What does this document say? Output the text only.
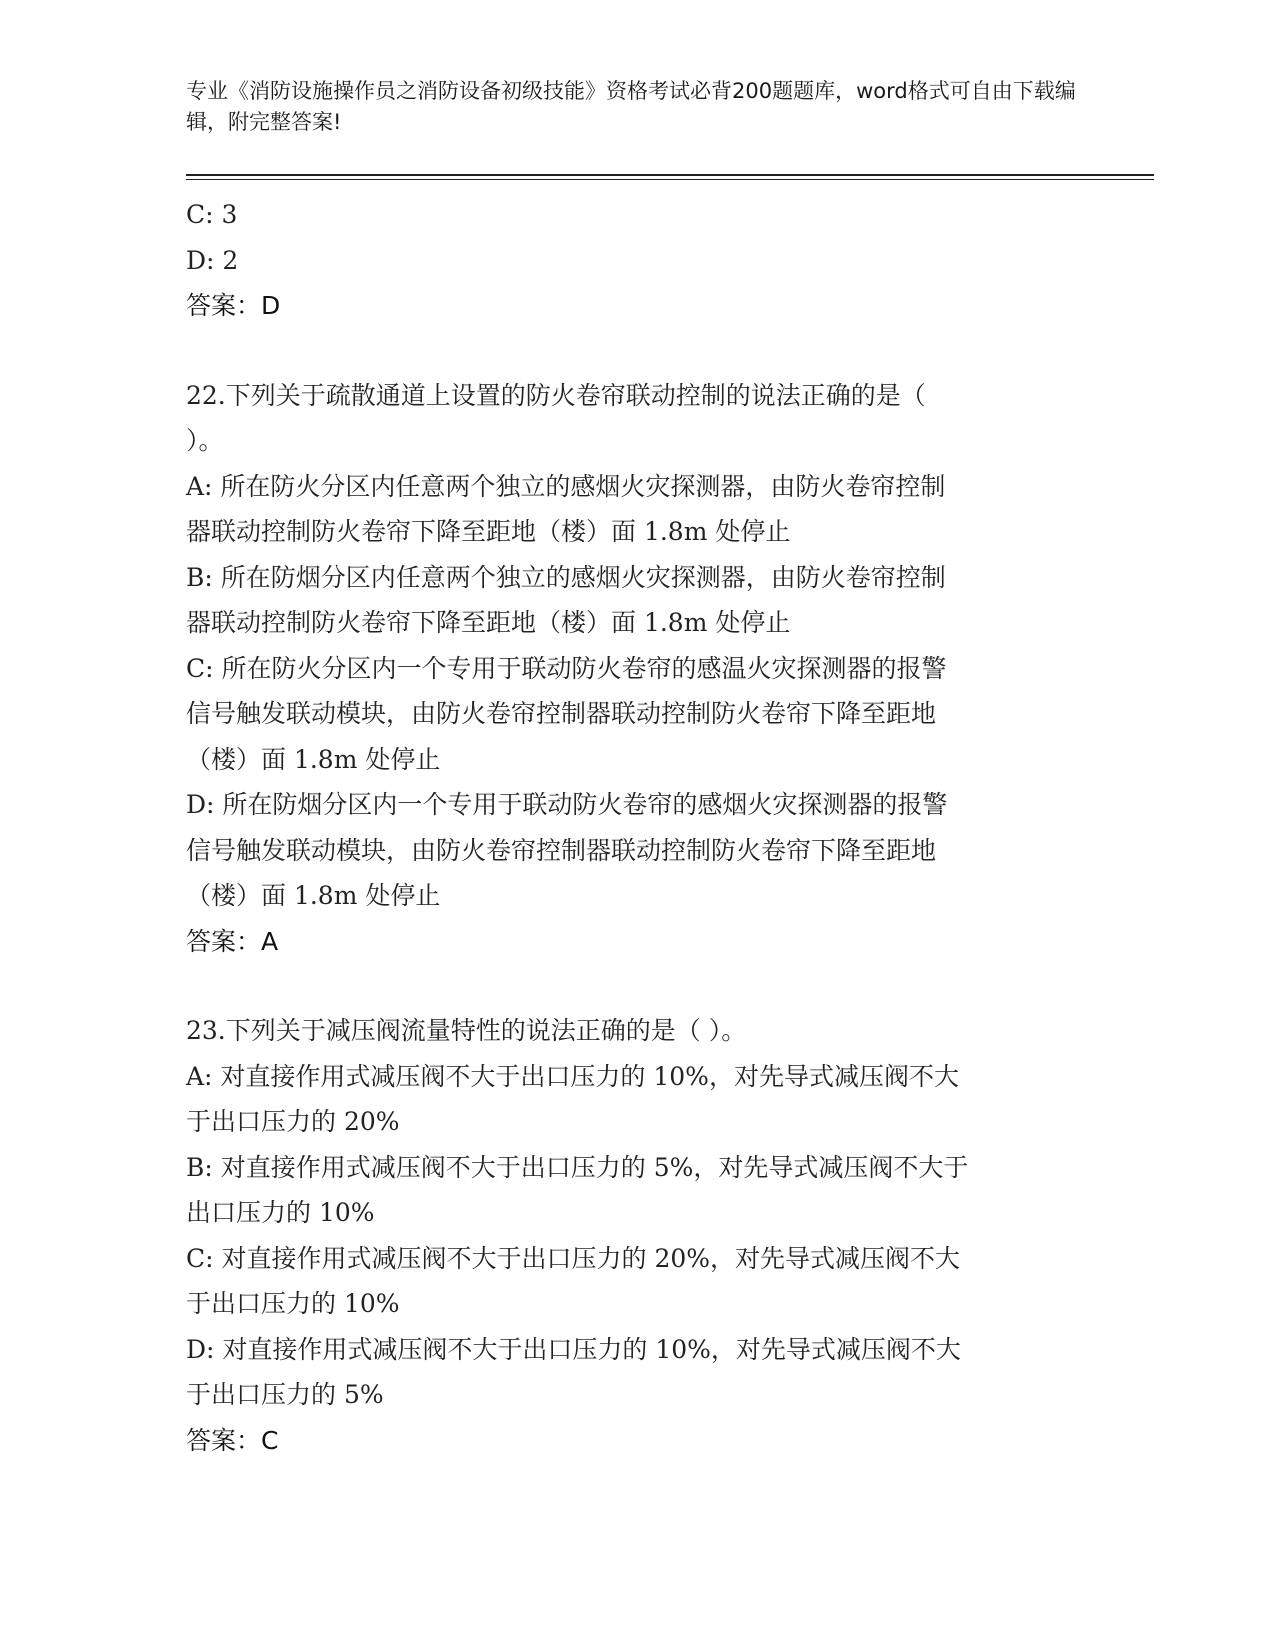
专业《消防设施操作员之消防设备初级技能》资格考试必背200题题库，word格式可自由下载编辑，附完整答案!
C: 3
D: 2
答案：D
22.下列关于疏散通道上设置的防火卷帘联动控制的说法正确的是（
）。
A: 所在防火分区内任意两个独立的感烟火灾探测器，由防火卷帘控制
器联动控制防火卷帘下降至距地（楼）面 1.8m 处停止
B: 所在防烟分区内任意两个独立的感烟火灾探测器，由防火卷帘控制
器联动控制防火卷帘下降至距地（楼）面 1.8m 处停止
C: 所在防火分区内一个专用于联动防火卷帘的感温火灾探测器的报警
信号触发联动模块，由防火卷帘控制器联动控制防火卷帘下降至距地
（楼）面 1.8m 处停止
D: 所在防烟分区内一个专用于联动防火卷帘的感烟火灾探测器的报警
信号触发联动模块，由防火卷帘控制器联动控制防火卷帘下降至距地
（楼）面 1.8m 处停止
答案：A
23.下列关于减压阀流量特性的说法正确的是（ ）。
A: 对直接作用式减压阀不大于出口压力的 10%，对先导式减压阀不大
于出口压力的 20%
B: 对直接作用式减压阀不大于出口压力的 5%，对先导式减压阀不大于
出口压力的 10%
C: 对直接作用式减压阀不大于出口压力的 20%，对先导式减压阀不大
于出口压力的 10%
D: 对直接作用式减压阀不大于出口压力的 10%，对先导式减压阀不大
于出口压力的 5%
答案：C
